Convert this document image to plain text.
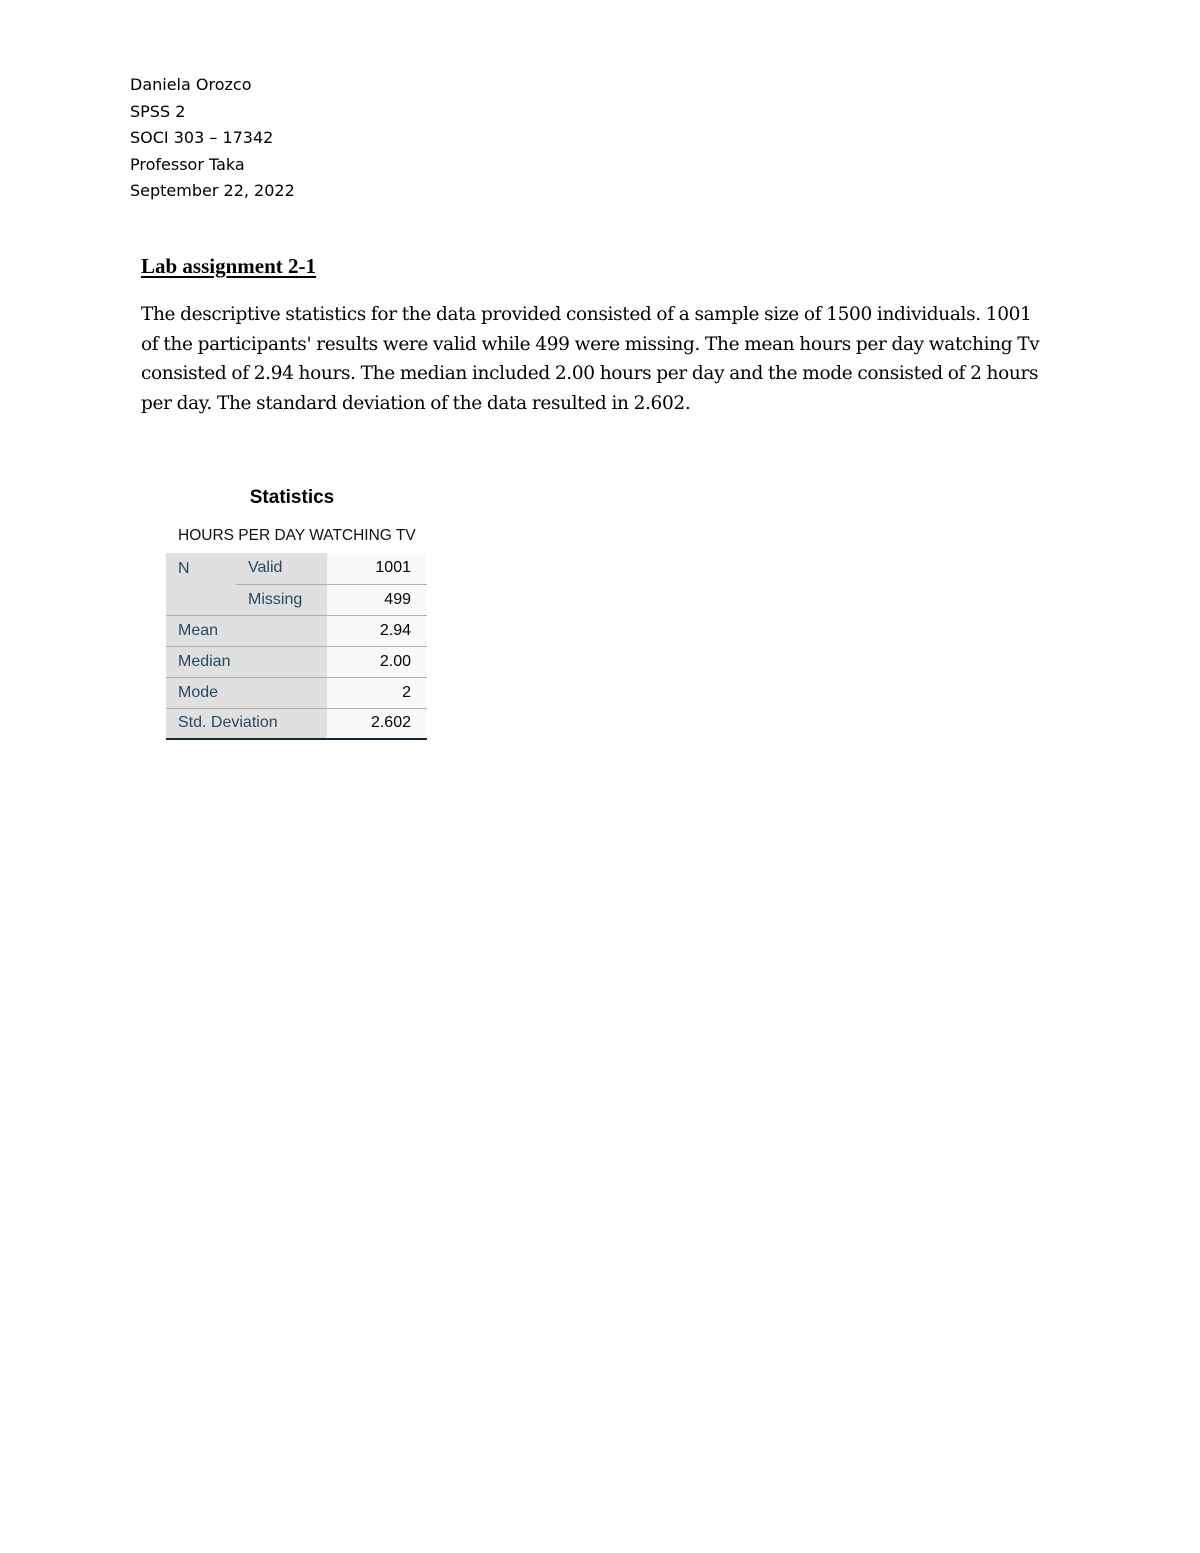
Daniela Orozco
SPSS 2
SOCI 303 – 17342
Professor Taka
September 22, 2022
Lab assignment 2-1

The descriptive statistics for the data provided consisted of a sample size of 1500 individuals. 1001 of the participants' results were valid while 499 were missing. The mean hours per day watching Tv consisted of 2.94 hours. The median included 2.00 hours per day and the mode consisted of 2 hours per day. The standard deviation of the data resulted in 2.602.

Statistics
HOURS PER DAY WATCHING TV
N	Valid	1001
	Missing	499
Mean		2.94
Median		2.00
Mode		2
Std. Deviation		2.602
